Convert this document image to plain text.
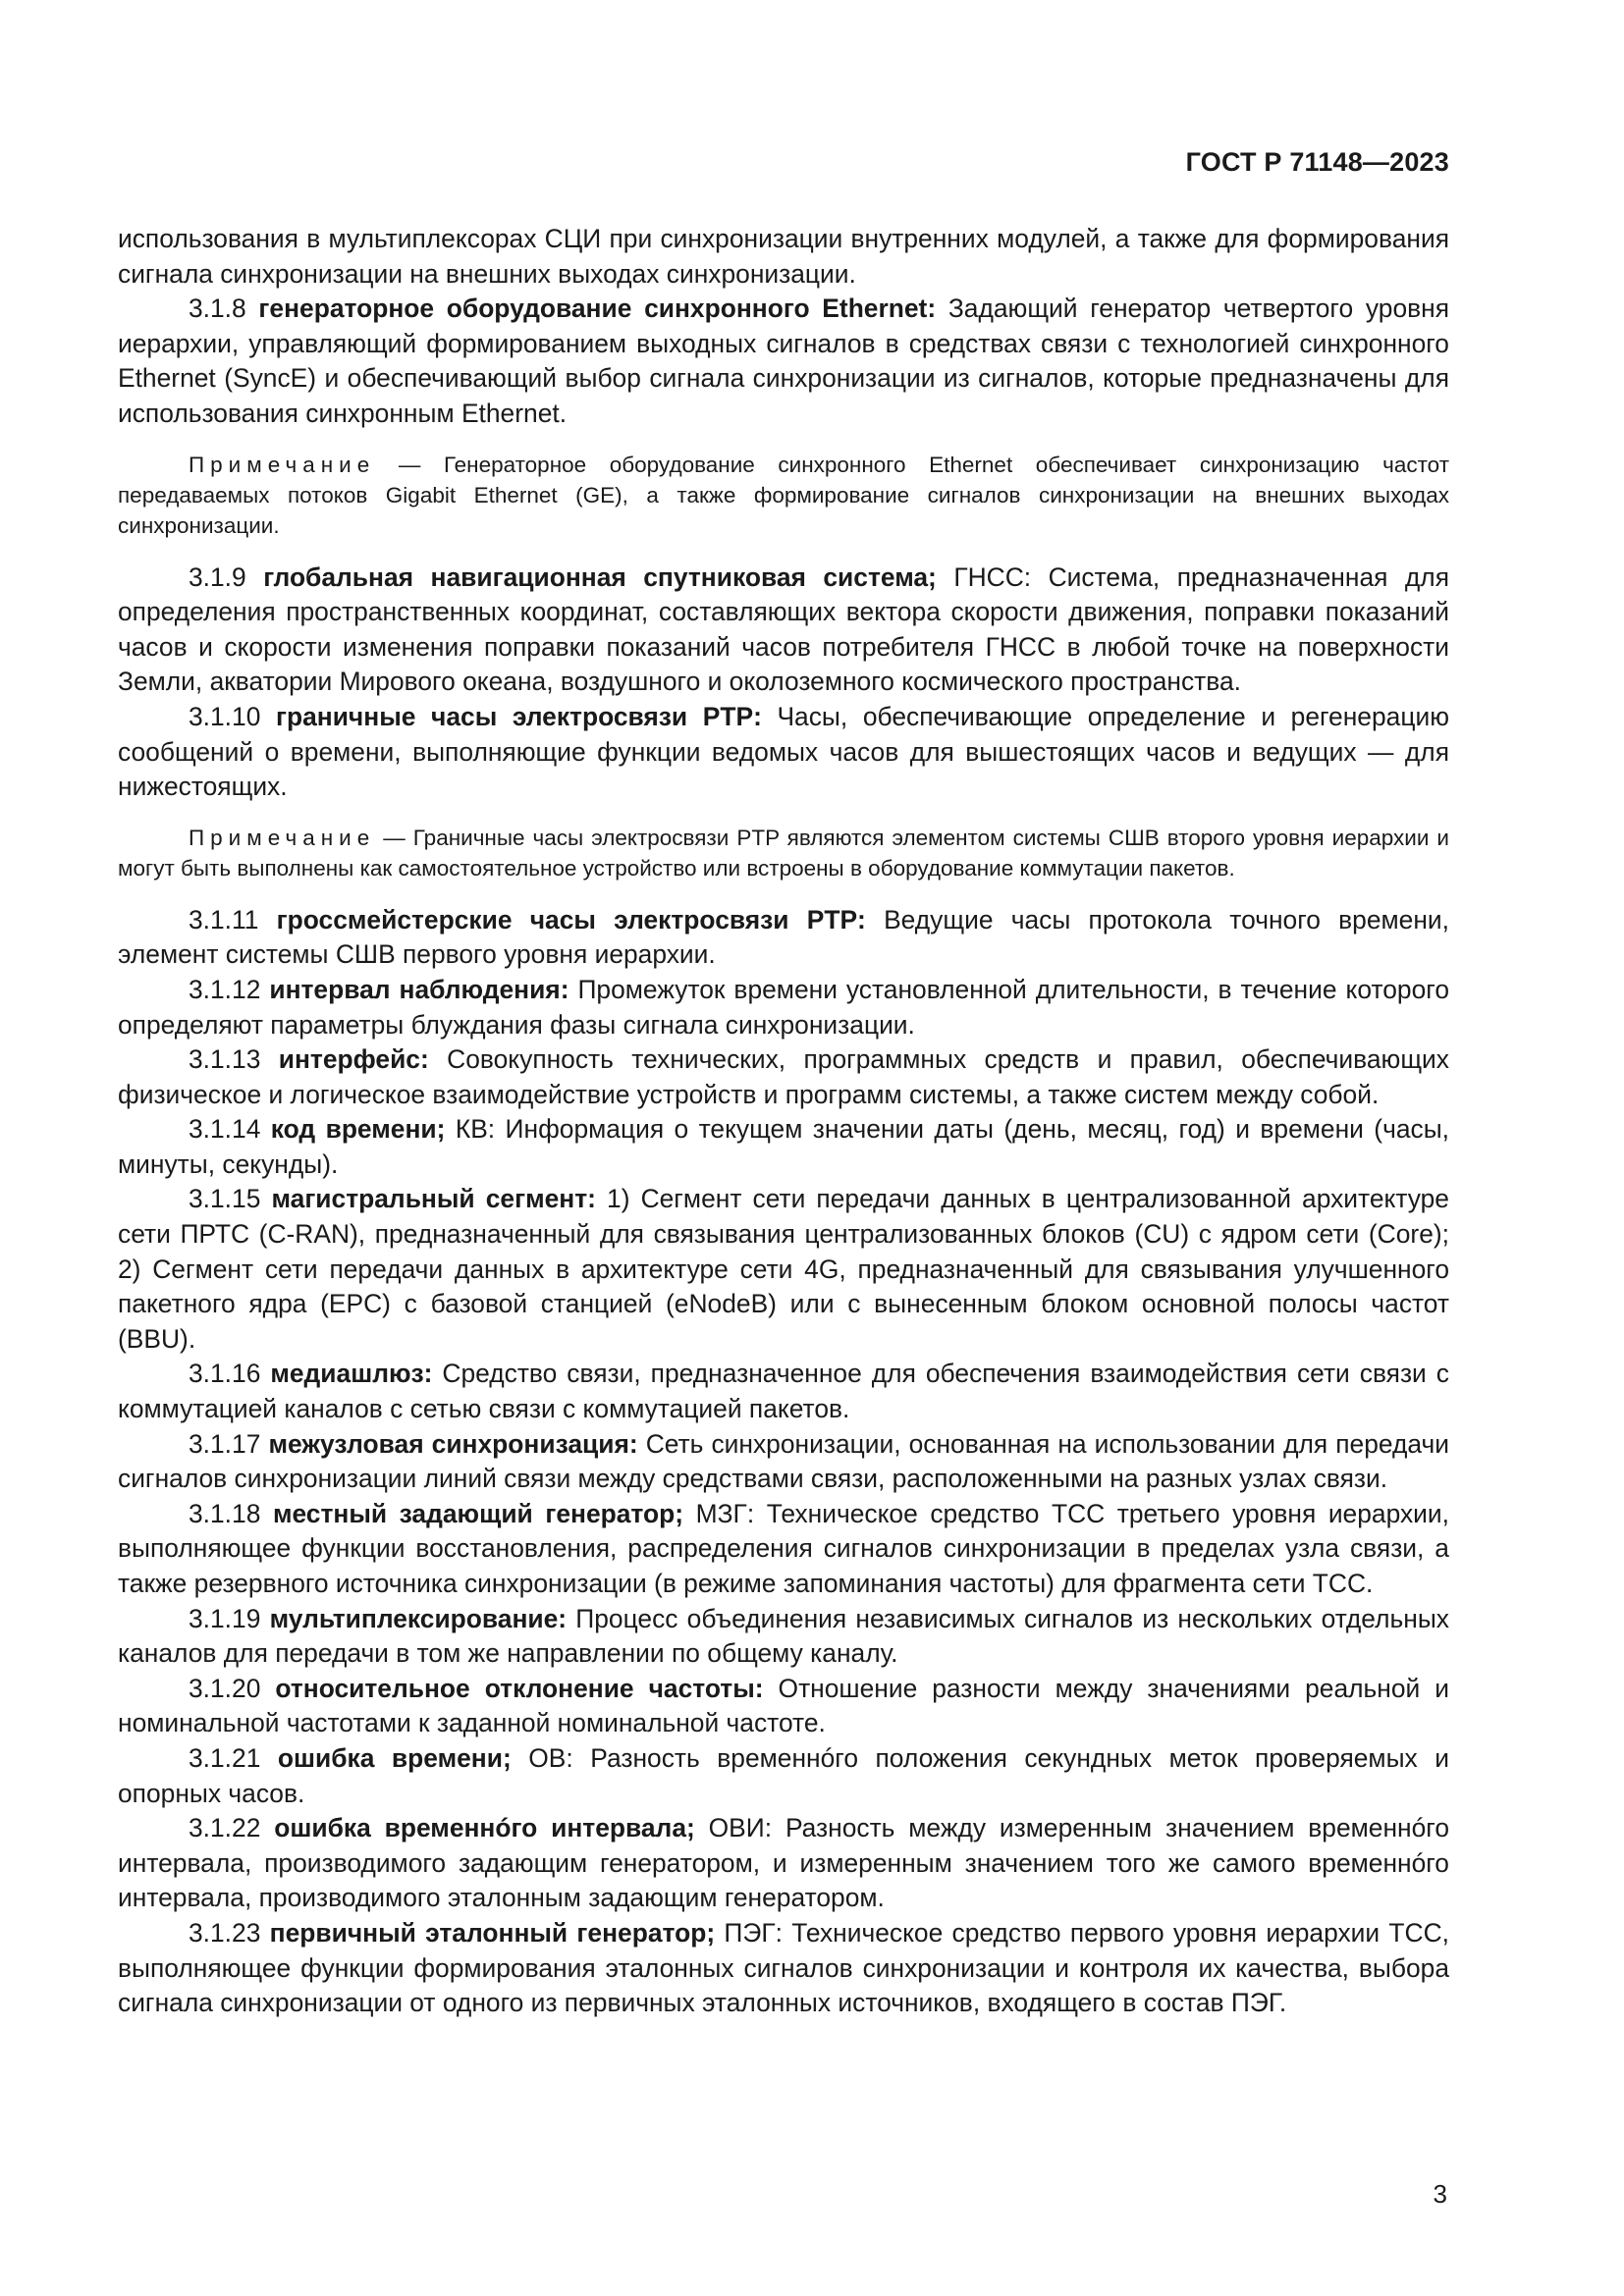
ГОСТ Р 71148—2023

использования в мультиплексорах СЦИ при синхронизации внутренних модулей, а также для формирования сигнала синхронизации на внешних выходах синхронизации.

3.1.8 генераторное оборудование синхронного Ethernet: Задающий генератор четвертого уровня иерархии, управляющий формированием выходных сигналов в средствах связи с технологией синхронного Ethernet (SyncE) и обеспечивающий выбор сигнала синхронизации из сигналов, которые предназначены для использования синхронным Ethernet.

Примечание — Генераторное оборудование синхронного Ethernet обеспечивает синхронизацию частот передаваемых потоков Gigabit Ethernet (GE), а также формирование сигналов синхронизации на внешних выходах синхронизации.

3.1.9 глобальная навигационная спутниковая система; ГНСС: Система, предназначенная для определения пространственных координат, составляющих вектора скорости движения, поправки показаний часов и скорости изменения поправки показаний часов потребителя ГНСС в любой точке на поверхности Земли, акватории Мирового океана, воздушного и околоземного космического пространства.

3.1.10 граничные часы электросвязи PTP: Часы, обеспечивающие определение и регенерацию сообщений о времени, выполняющие функции ведомых часов для вышестоящих часов и ведущих — для нижестоящих.

Примечание — Граничные часы электросвязи PTP являются элементом системы СШВ второго уровня иерархии и могут быть выполнены как самостоятельное устройство или встроены в оборудование коммутации пакетов.

3.1.11 гроссмейстерские часы электросвязи PTP: Ведущие часы протокола точного времени, элемент системы СШВ первого уровня иерархии.

3.1.12 интервал наблюдения: Промежуток времени установленной длительности, в течение которого определяют параметры блуждания фазы сигнала синхронизации.

3.1.13 интерфейс: Совокупность технических, программных средств и правил, обеспечивающих физическое и логическое взаимодействие устройств и программ системы, а также систем между собой.

3.1.14 код времени; КВ: Информация о текущем значении даты (день, месяц, год) и времени (часы, минуты, секунды).

3.1.15 магистральный сегмент: 1) Сегмент сети передачи данных в централизованной архитектуре сети ПРТС (C-RAN), предназначенный для связывания централизованных блоков (CU) с ядром сети (Core); 2) Сегмент сети передачи данных в архитектуре сети 4G, предназначенный для связывания улучшенного пакетного ядра (EPC) с базовой станцией (eNodeB) или с вынесенным блоком основной полосы частот (BBU).

3.1.16 медиашлюз: Средство связи, предназначенное для обеспечения взаимодействия сети связи с коммутацией каналов с сетью связи с коммутацией пакетов.

3.1.17 межузловая синхронизация: Сеть синхронизации, основанная на использовании для передачи сигналов синхронизации линий связи между средствами связи, расположенными на разных узлах связи.

3.1.18 местный задающий генератор; МЗГ: Техническое средство ТСС третьего уровня иерархии, выполняющее функции восстановления, распределения сигналов синхронизации в пределах узла связи, а также резервного источника синхронизации (в режиме запоминания частоты) для фрагмента сети ТСС.

3.1.19 мультиплексирование: Процесс объединения независимых сигналов из нескольких отдельных каналов для передачи в том же направлении по общему каналу.

3.1.20 относительное отклонение частоты: Отношение разности между значениями реальной и номинальной частотами к заданной номинальной частоте.

3.1.21 ошибка времени; ОВ: Разность временнóго положения секундных меток проверяемых и опорных часов.

3.1.22 ошибка временнóго интервала; ОВИ: Разность между измеренным значением временнóго интервала, производимого задающим генератором, и измеренным значением того же самого временнóго интервала, производимого эталонным задающим генератором.

3.1.23 первичный эталонный генератор; ПЭГ: Техническое средство первого уровня иерархии ТСС, выполняющее функции формирования эталонных сигналов синхронизации и контроля их качества, выбора сигнала синхронизации от одного из первичных эталонных источников, входящего в состав ПЭГ.

3
